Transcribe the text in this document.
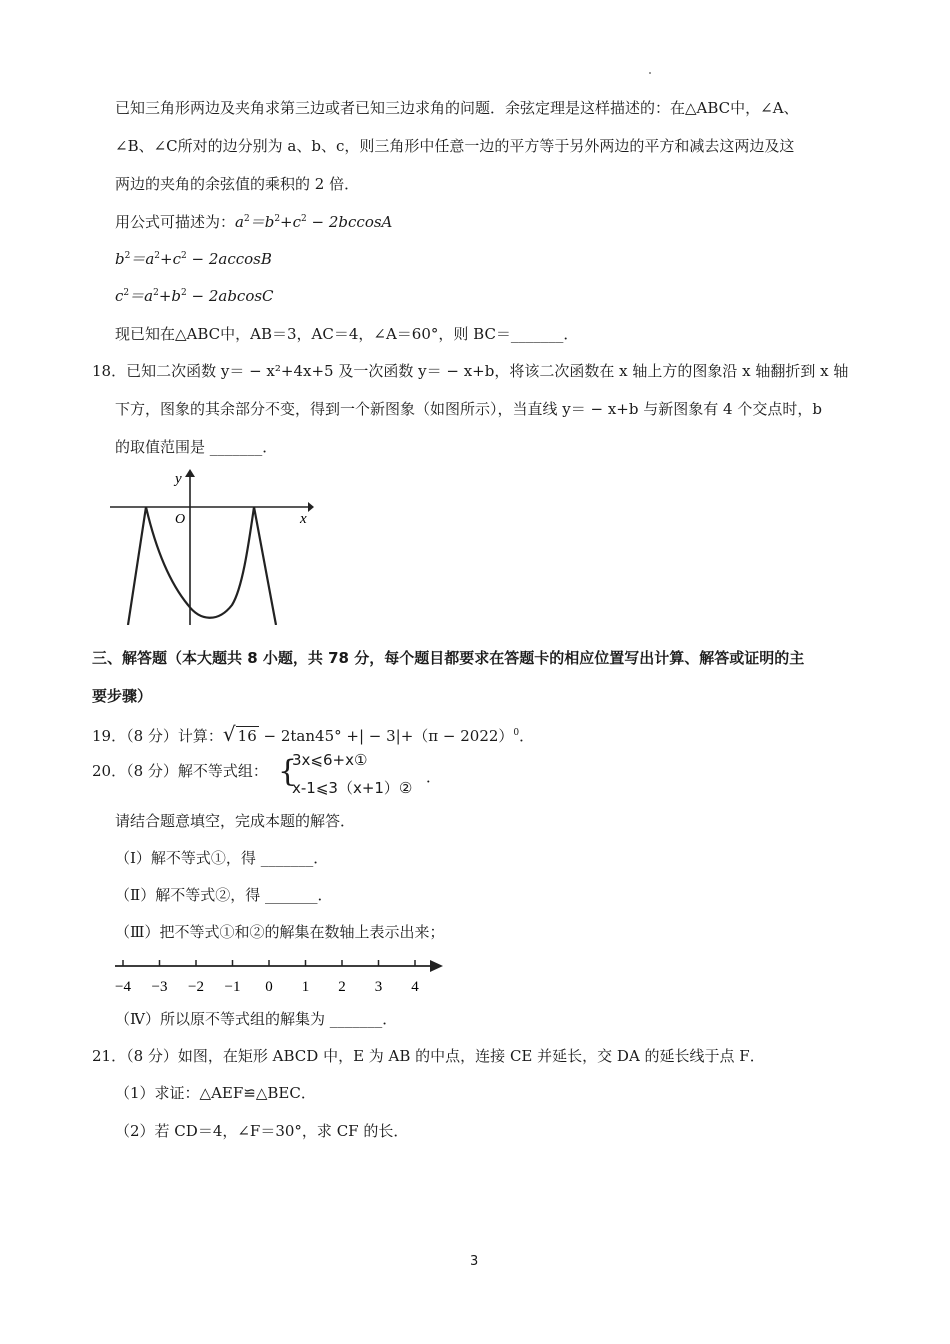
已知三角形两边及夹角求第三边或者已知三边求角的问题．余弦定理是这样描述的：在△ABC中，∠A、
∠B、∠C所对的边分别为 a、b、c，则三角形中任意一边的平方等于另外两边的平方和减去这两边及这
两边的夹角的余弦值的乘积的 2 倍．
用公式可描述为：$a^2=b^2+c^2 - 2bccosA$
$b^2=a^2+c^2 - 2accosB$
$c^2=a^2+b^2 - 2abcosC$
现已知在△ABC中，AB＝3，AC＝4，∠A＝60°，则 BC＝_______．
18．已知二次函数 y＝ − x²+4x+5 及一次函数 y＝ − x+b，将该二次函数在 x 轴上方的图象沿 x 轴翻折到 x 轴
下方，图象的其余部分不变，得到一个新图象（如图所示），当直线 y＝ − x+b 与新图象有 4 个交点时，b
的取值范围是 _______．
y
x
O
三、解答题（本大题共 8 小题，共 78 分，每个题目都要求在答题卡的相应位置写出计算、解答或证明的主
要步骤）
19．（8 分）计算：√ 16 − 2tan45° +| − $3|+(\pi - 2022)^0$．
20．（8 分）解不等式组： {
3x⩽6+x①
x-1⩽3（x+1）②
．
请结合题意填空，完成本题的解答．
（Ⅰ）解不等式①，得 _______．
（Ⅱ）解不等式②，得 _______．
（Ⅲ）把不等式①和②的解集在数轴上表示出来；
−4 −3 −2 −1 0 1 2 3 4
（Ⅳ）所以原不等式组的解集为 _______．
21．（8 分）如图，在矩形 ABCD 中，E 为 AB 的中点，连接 CE 并延长，交 DA 的延长线于点 F．
（1）求证：△AEF≌△BEC．
（2）若 CD＝4，∠F＝30°，求 CF 的长．
3
